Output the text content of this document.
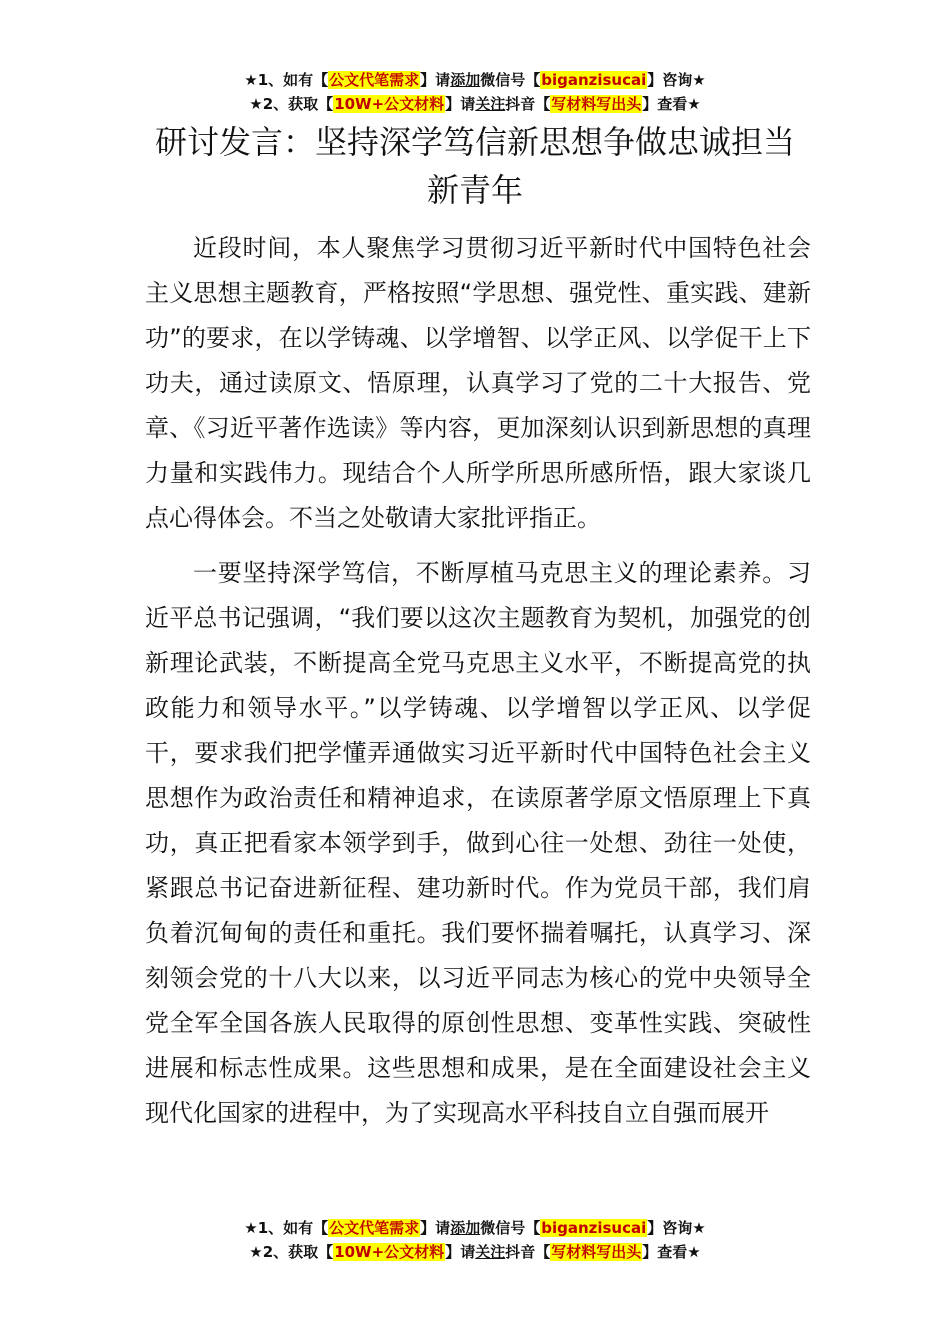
★1、如有【公文代笔需求】请添加微信号【biganzisucai】咨询★
★2、获取【10W+公文材料】请关注抖音【写材料写出头】查看★
研讨发言：坚持深学笃信新思想争做忠诚担当新青年

近段时间，本人聚焦学习贯彻习近平新时代中国特色社会主义思想主题教育，严格按照“学思想、强党性、重实践、建新功”的要求，在以学铸魂、以学增智、以学正风、以学促干上下功夫，通过读原文、悟原理，认真学习了党的二十大报告、党章、《习近平著作选读》等内容，更加深刻认识到新思想的真理力量和实践伟力。现结合个人所学所思所感所悟，跟大家谈几点心得体会。不当之处敬请大家批评指正。

一要坚持深学笃信，不断厚植马克思主义的理论素养。习近平总书记强调，“我们要以这次主题教育为契机，加强党的创新理论武装，不断提高全党马克思主义水平，不断提高党的执政能力和领导水平。”以学铸魂、以学增智以学正风、以学促干，要求我们把学懂弄通做实习近平新时代中国特色社会主义思想作为政治责任和精神追求，在读原著学原文悟原理上下真功，真正把看家本领学到手，做到心往一处想、劲往一处使，紧跟总书记奋进新征程、建功新时代。作为党员干部，我们肩负着沉甸甸的责任和重托。我们要怀揣着嘱托，认真学习、深刻领会党的十八大以来，以习近平同志为核心的党中央领导全党全军全国各族人民取得的原创性思想、变革性实践、突破性进展和标志性成果。这些思想和成果，是在全面建设社会主义现代化国家的进程中，为了实现高水平科技自立自强而展开

★1、如有【公文代笔需求】请添加微信号【biganzisucai】咨询★
★2、获取【10W+公文材料】请关注抖音【写材料写出头】查看★
